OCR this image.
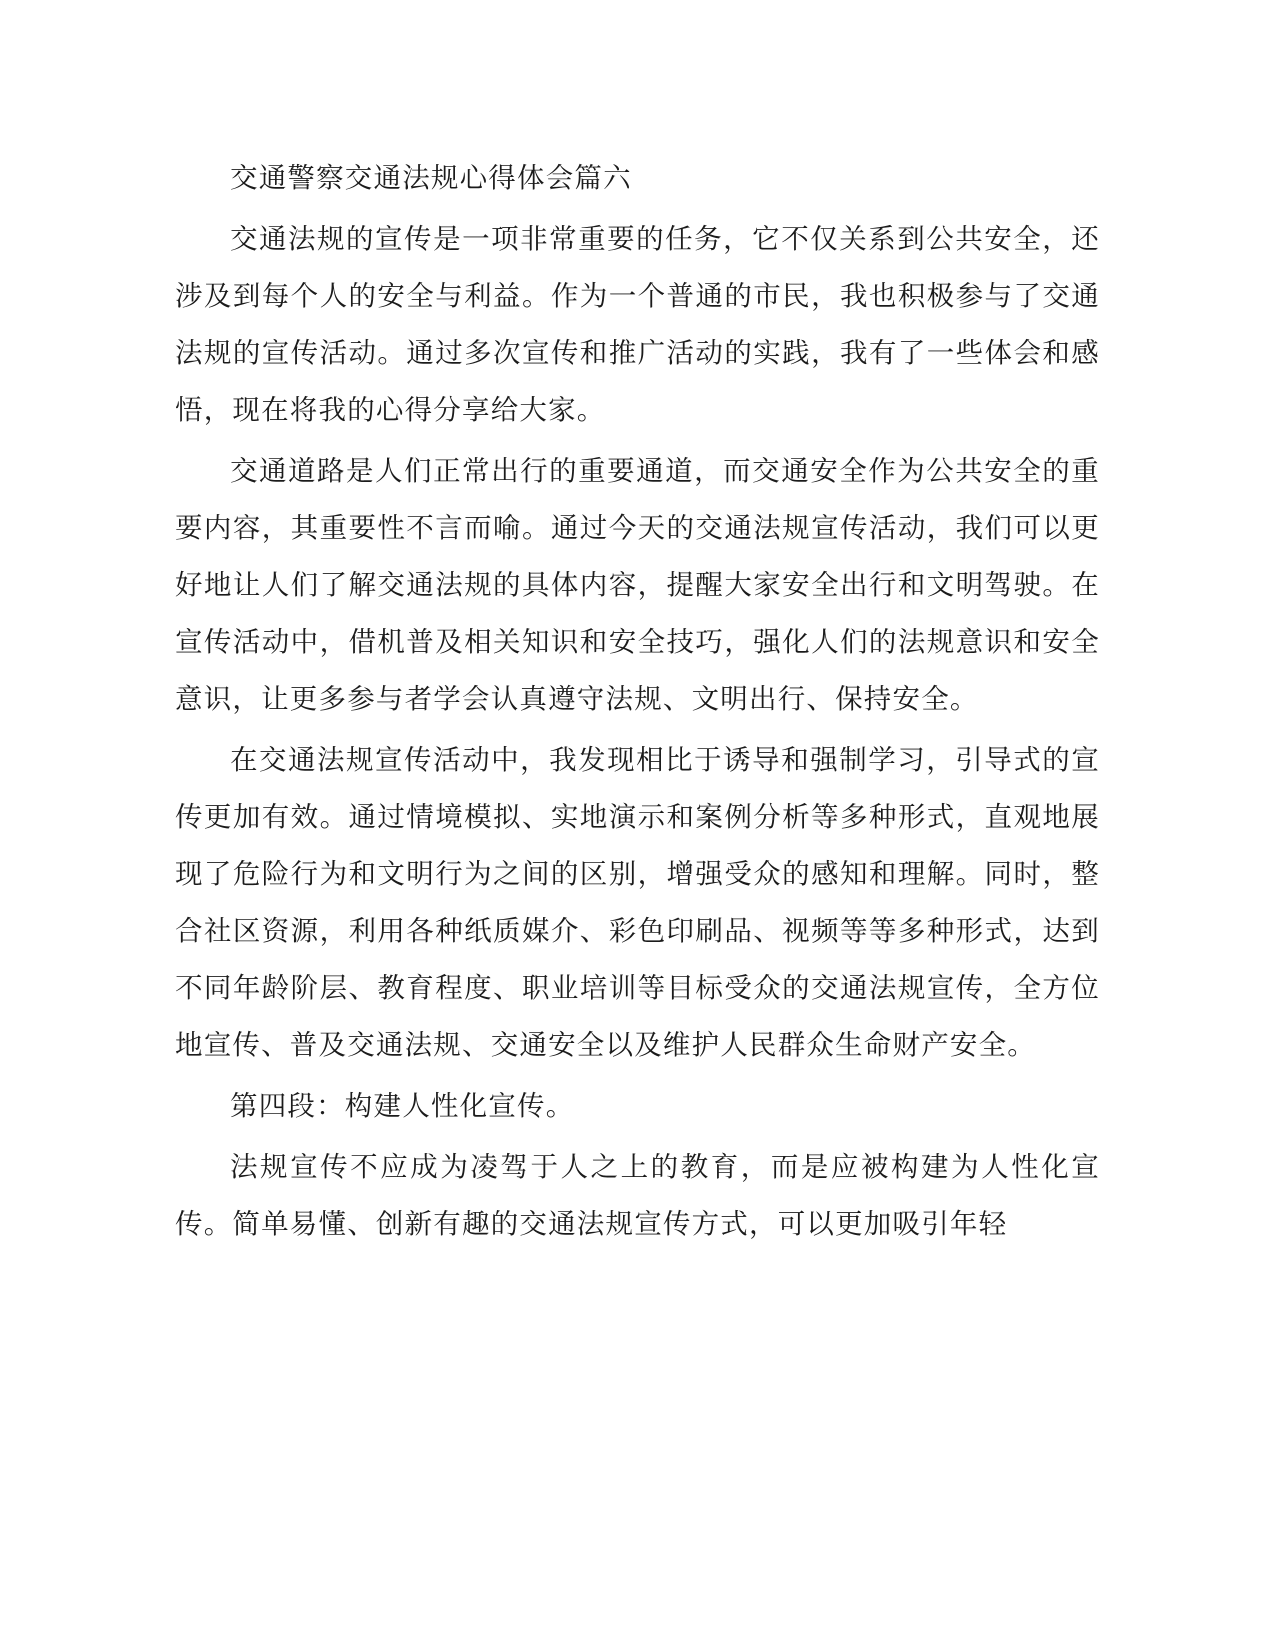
交通警察交通法规心得体会篇六

交通法规的宣传是一项非常重要的任务，它不仅关系到公共安全，还涉及到每个人的安全与利益。作为一个普通的市民，我也积极参与了交通法规的宣传活动。通过多次宣传和推广活动的实践，我有了一些体会和感悟，现在将我的心得分享给大家。

交通道路是人们正常出行的重要通道，而交通安全作为公共安全的重要内容，其重要性不言而喻。通过今天的交通法规宣传活动，我们可以更好地让人们了解交通法规的具体内容，提醒大家安全出行和文明驾驶。在宣传活动中，借机普及相关知识和安全技巧，强化人们的法规意识和安全意识，让更多参与者学会认真遵守法规、文明出行、保持安全。

在交通法规宣传活动中，我发现相比于诱导和强制学习，引导式的宣传更加有效。通过情境模拟、实地演示和案例分析等多种形式，直观地展现了危险行为和文明行为之间的区别，增强受众的感知和理解。同时，整合社区资源，利用各种纸质媒介、彩色印刷品、视频等等多种形式，达到不同年龄阶层、教育程度、职业培训等目标受众的交通法规宣传，全方位地宣传、普及交通法规、交通安全以及维护人民群众生命财产安全。

第四段：构建人性化宣传。

法规宣传不应成为凌驾于人之上的教育，而是应被构建为人性化宣传。简单易懂、创新有趣的交通法规宣传方式，可以更加吸引年轻
